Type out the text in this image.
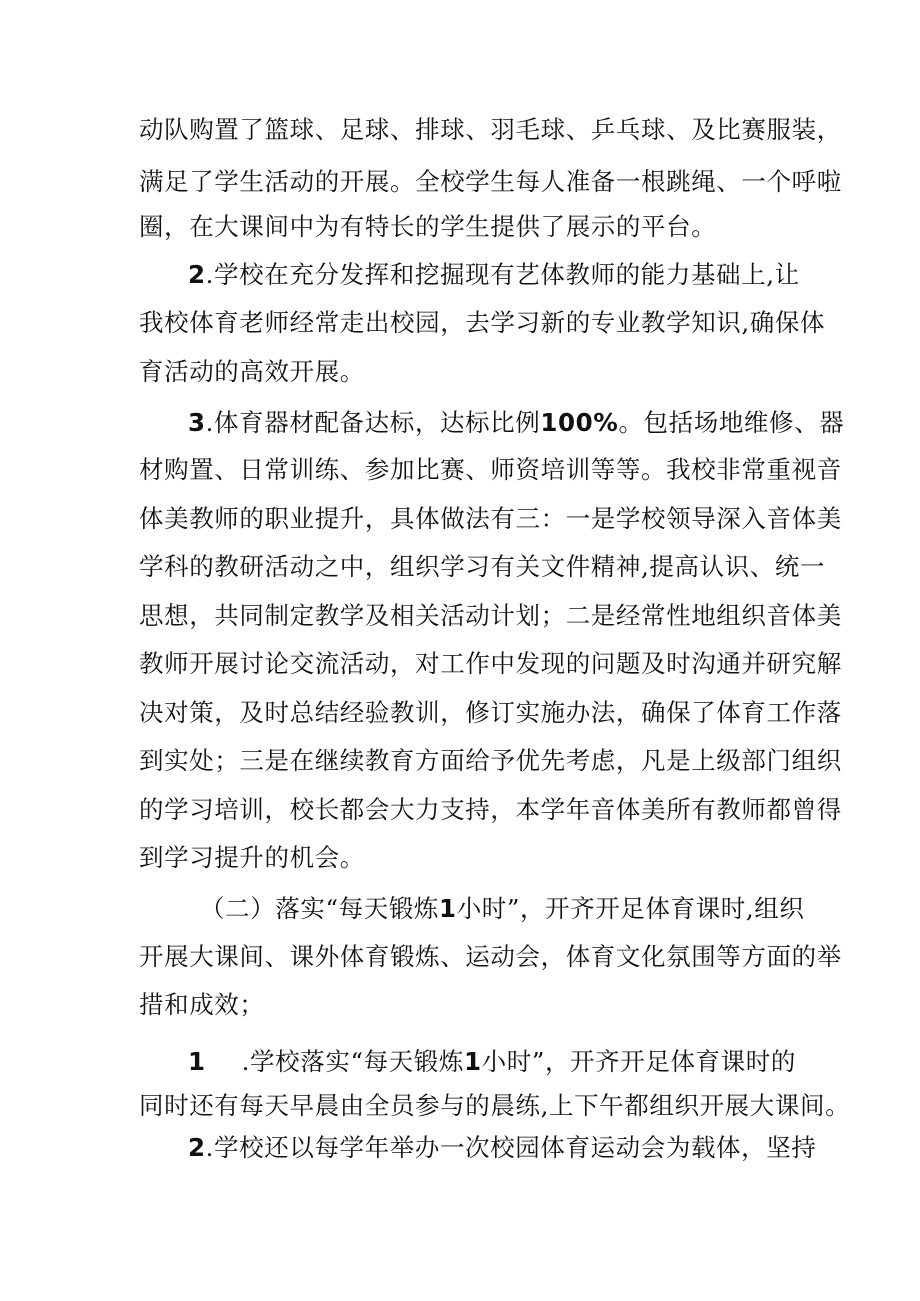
动队购置了篮球、足球、排球、羽毛球、乒乓球、及比赛服装，

满足了学生活动的开展。全校学生每人准备一根跳绳、一个呼啦

圈，在大课间中为有特长的学生提供了展示的平台。

2.学校在充分发挥和挖掘现有艺体教师的能力基础上,让

我校体育老师经常走出校园，去学习新的专业教学知识,确保体

育活动的高效开展。

3.体育器材配备达标，达标比例100%。包括场地维修、器

材购置、日常训练、参加比赛、师资培训等等。我校非常重视音

体美教师的职业提升，具体做法有三：一是学校领导深入音体美

学科的教研活动之中，组织学习有关文件精神,提高认识、统一

思想，共同制定教学及相关活动计划；二是经常性地组织音体美

教师开展讨论交流活动，对工作中发现的问题及时沟通并研究解

决对策，及时总结经验教训，修订实施办法，确保了体育工作落

到实处；三是在继续教育方面给予优先考虑，凡是上级部门组织

的学习培训，校长都会大力支持，本学年音体美所有教师都曾得

到学习提升的机会。

（二）落实“每天锻炼1小时”，开齐开足体育课时,组织

开展大课间、课外体育锻炼、运动会，体育文化氛围等方面的举

措和成效；

1 .学校落实“每天锻炼1小时”，开齐开足体育课时的

同时还有每天早晨由全员参与的晨练,上下午都组织开展大课间。

2.学校还以每学年举办一次校园体育运动会为载体，坚持
